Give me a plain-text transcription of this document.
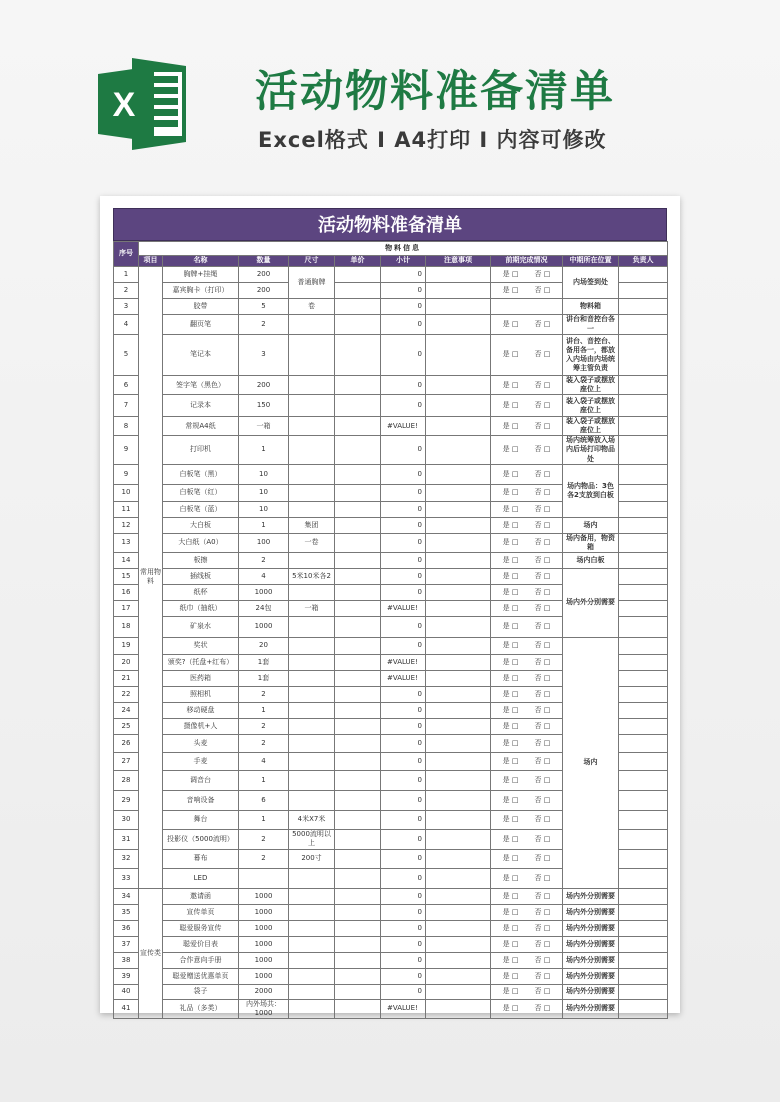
X	活动物料准备清单
Excel格式 I A4打印 I 内容可修改
活动物料准备清单
序号	物料信息									
	项目	名称	数量	尺寸	单价	小计	注意事项	前期完成情况	中期所在位置	负责人
1	常用物料	胸牌+挂绳	200	普通胸牌		0		是 □ 否 □	内场签到处	
2		嘉宾胸卡（打印）	200			0		是 □ 否 □		
3		胶带	5	卷		0			物料箱	
4		翻页笔	2			0		是 □ 否 □	讲台和音控台各一	
5		笔记本	3			0		是 □ 否 □	讲台、音控台、备用各一，都放入内场由内场统筹主管负责	
6		签字笔（黑色）	200			0		是 □ 否 □	装入袋子或摆放座位上	
7		记录本	150			0		是 □ 否 □	装入袋子或摆放座位上	
8		常规A4纸	一箱			#VALUE!		是 □ 否 □	装入袋子或摆放座位上	
9		打印机	1			0		是 □ 否 □	场内统筹放入场内后场打印物品处	
9		白板笔（黑）	10			0		是 □ 否 □	场内物品：3色各2支放到白板	
10		白板笔（红）	10			0		是 □ 否 □		
11		白板笔（蓝）	10			0		是 □ 否 □		
12		大白板	1	集团		0		是 □ 否 □	场内	
13		大白纸（A0）	100	一卷		0		是 □ 否 □	场内备用，物资箱	
14		板擦	2			0		是 □ 否 □	场内白板	
15		插线板	4	5米10米各2		0		是 □ 否 □	场内外分别需要	
16		纸杯	1000			0		是 □ 否 □		
17		纸巾（抽纸）	24包	一箱		#VALUE!		是 □ 否 □		
18		矿泉水	1000			0		是 □ 否 □		
19		奖状	20			0		是 □ 否 □	场内	
20		颁奖?（托盘+红布）	1套			#VALUE!		是 □ 否 □		
21		医药箱	1套			#VALUE!		是 □ 否 □		
22		照相机	2			0		是 □ 否 □		
24		移动硬盘	1			0		是 □ 否 □		
25		摄像机+人	2			0		是 □ 否 □		
26		头麦	2			0		是 □ 否 □		
27		手麦	4			0		是 □ 否 □		
28		调音台	1			0		是 □ 否 □		
29		音响设备	6			0		是 □ 否 □		
30		舞台	1	4米X7米		0		是 □ 否 □		
31		投影仪（5000流明）	2	5000流明以上		0		是 □ 否 □		
32		幕布	2	200寸		0		是 □ 否 □		
33		LED				0		是 □ 否 □		
34	宣传类	邀请函	1000			0		是 □ 否 □	场内外分别需要	
35		宣传单页	1000			0		是 □ 否 □	场内外分别需要	
36		聪爱服务宣传	1000			0		是 □ 否 □	场内外分别需要	
37		聪爱价目表	1000			0		是 □ 否 □	场内外分别需要	
38		合作意向手册	1000			0		是 □ 否 □	场内外分别需要	
39		聪爱赠送优惠单页	1000			0		是 □ 否 □	场内外分别需要	
40		袋子	2000			0		是 □ 否 □	场内外分别需要	
41		礼品（多类）	内外场共：1000			#VALUE!		是 □ 否 □	场内外分别需要	
